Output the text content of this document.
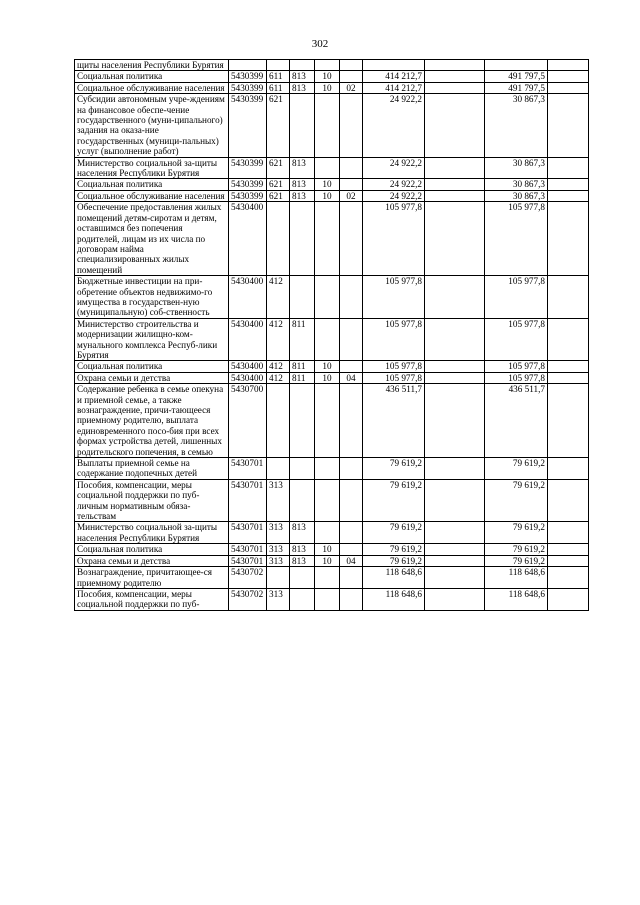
302
щиты населения Республики Бурятия									
Социальная политика	5430399	611	813	10		414 212,7		491 797,5	
Социальное обслуживание населения	5430399	611	813	10	02	414 212,7		491 797,5	
Субсидии автономным учре-ждениям на финансовое обеспе-чение государственного (муни-ципального) задания на оказа-ние государственных (муници-пальных) услуг (выполнение работ)	5430399	621				24 922,2		30 867,3	
Министерство социальной за-щиты населения Республики Бурятия	5430399	621	813			24 922,2		30 867,3	
Социальная политика	5430399	621	813	10		24 922,2		30 867,3	
Социальное обслуживание населения	5430399	621	813	10	02	24 922,2		30 867,3	
Обеспечение предоставления жилых помещений детям-сиротам и детям, оставшимся без попечения родителей, лицам из их числа по договорам найма специализированных жилых помещений	5430400					105 977,8		105 977,8	
Бюджетные инвестиции на при-обретение объектов недвижимо-го имущества в государствен-ную (муниципальную) соб-ственность	5430400	412				105 977,8		105 977,8	
Министерство строительства и модернизации жилищно-ком-мунального комплекса Респуб-лики Бурятия	5430400	412	811			105 977,8		105 977,8	
Социальная политика	5430400	412	811	10		105 977,8		105 977,8	
Охрана семьи и детства	5430400	412	811	10	04	105 977,8		105 977,8	
Содержание ребенка в семье опекуна и приемной семье, а также вознаграждение, причи-тающееся приемному родителю, выплата единовременного посо-бия при всех формах устройства детей, лишенных родительского попечения, в семью	5430700					436 511,7		436 511,7	
Выплаты приемной семье на содержание подопечных детей	5430701					79 619,2		79 619,2	
Пособия, компенсации, меры социальной поддержки по пуб-личным нормативным обяза-тельствам	5430701	313				79 619,2		79 619,2	
Министерство социальной за-щиты населения Республики Бурятия	5430701	313	813			79 619,2		79 619,2	
Социальная политика	5430701	313	813	10		79 619,2		79 619,2	
Охрана семьи и детства	5430701	313	813	10	04	79 619,2		79 619,2	
Вознаграждение, причитающее-ся приемному родителю	5430702					118 648,6		118 648,6	
Пособия, компенсации, меры социальной поддержки по пуб-	5430702	313				118 648,6		118 648,6	
